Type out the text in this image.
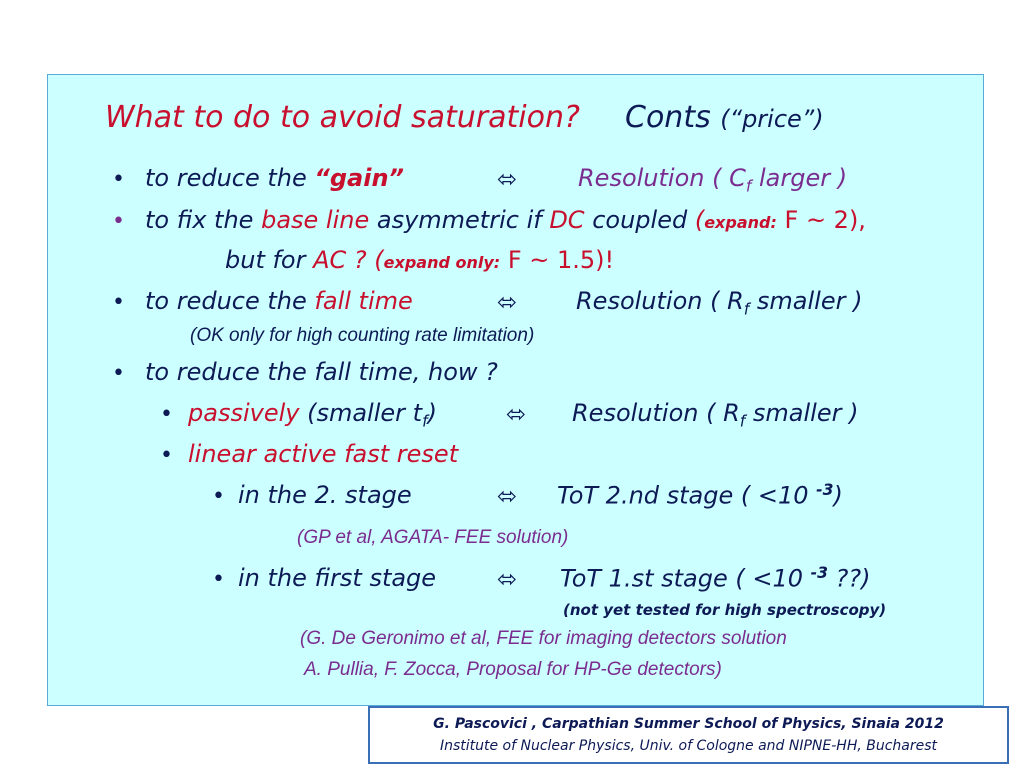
What to do to avoid saturation? Conts (“price”)
• to reduce the “gain”	⬄	Resolution ( $C_f$ larger )
• to fix the base line asymmetric if DC coupled (expand: F ~ 2),
but for AC ? (expand only: F ~ 1.5)!
• to reduce the fall time	⬄ Resolution ( $R_f$ smaller )
(OK only for high counting rate limitation)
• to reduce the fall time, how ?
• passively (smaller $t_f$)	⬄ Resolution ( $R_f$ smaller )
• linear active fast reset
• in the 2. stage	⬄ ToT 2.nd stage ( <10 $^{-3}$)
(GP et al, AGATA- FEE solution)
• in the first stage	⬄ ToT 1.st stage ( <10 $^{-3}$ ??)
(not yet tested for high spectroscopy)
(G. De Geronimo et al, FEE for imaging detectors solution
A. Pullia, F. Zocca, Proposal for HP-Ge detectors)
G. Pascovici , Carpathian Summer School of Physics, Sinaia 2012
Institute of Nuclear Physics, Univ. of Cologne and NIPNE-HH, Bucharest
